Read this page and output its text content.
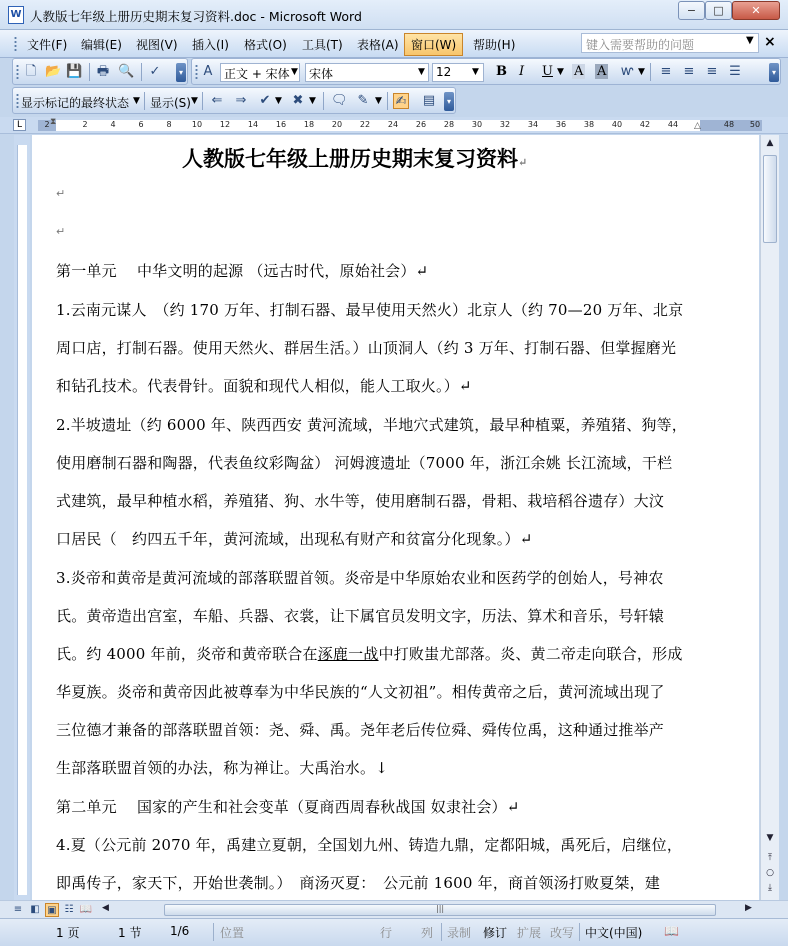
W 人教版七年级上册历史期末复习资料.doc - Microsoft Word	−	□	✕
文件(F) 编辑(E) 视图(V) 插入(I) 格式(O) 工具(T) 表格(A)	窗口(W)	帮助(H)	键入需要帮助的问题	▼ ×
🗋 📂 💾 🖶 🔍 ✓	▾ A 正文 + 宋体 ▼ 宋体	▼ 12	▼ B I U ▼ A A ⱳ ▼ ≡ ≡ ≡ ☰	▾
显示标记的最终状态 ▼ 显示(S) ▼ ⇐ ⇒ ✔ ▼ ✖ ▼ 🗨 ✎ ▼ ✍ ▤	▾
L	⧗	△
2	2	4	6	8	10 12 14 16 18 20 22 24 26 28 30 32 34 36 38 40 42 44	48 50
人教版七年级上册历史期末复习资料↵
↵
↵
第一单元　 中华文明的起源 （远古时代，原始社会）↵
1.云南元谋人　（约 170 万年、打制石器、最早使用天然火）北京人（约 70—20 万年、北京
周口店，打制石器。使用天然火、群居生活。）山顶洞人（约 3 万年、打制石器、但掌握磨光
和钻孔技术。代表骨针。面貌和现代人相似，能人工取火。）↵
2.半坡遗址（约 6000 年、陕西西安 黄河流域，半地穴式建筑，最早种植粟，养殖猪、狗等，
使用磨制石器和陶器，代表鱼纹彩陶盆） 河姆渡遗址（7000 年，浙江余姚 长江流域，干栏
式建筑，最早种植水稻，养殖猪、狗、水牛等，使用磨制石器，骨耜、栽培稻谷遗存）大汶
口居民（　约四五千年，黄河流域，出现私有财产和贫富分化现象。）↵
3.炎帝和黄帝是黄河流域的部落联盟首领。炎帝是中华原始农业和医药学的创始人，号神农
氏。黄帝造出宫室，车船、兵器、衣裳，让下属官员发明文字，历法、算术和音乐，号轩辕
氏。约 4000 年前，炎帝和黄帝联合在涿鹿一战中打败蚩尤部落。炎、黄二帝走向联合，形成
华夏族。炎帝和黄帝因此被尊奉为中华民族的“人文初祖”。相传黄帝之后，黄河流域出现了
三位德才兼备的部落联盟首领：尧、舜、禹。尧年老后传位舜、舜传位禹，这种通过推举产
生部落联盟首领的办法，称为禅让。大禹治水。↓
第二单元　 国家的产生和社会变革（夏商西周春秋战国 奴隶社会）↵
4.夏（公元前 2070 年，禹建立夏朝，全国划九州、铸造九鼎，定都阳城，禹死后，启继位，
即禹传子，家天下，开始世袭制。）　商汤灭夏：　公元前 1600 年，商首领汤打败夏桀，建
▲
▼
⤒
○
⤓
≡ ◧ ▣ ☷ 📖 ◀	|||	▶
1 页	1 节 1/6	位置	行 列 录制 修订 扩展 改写 中文(中国) 📖
